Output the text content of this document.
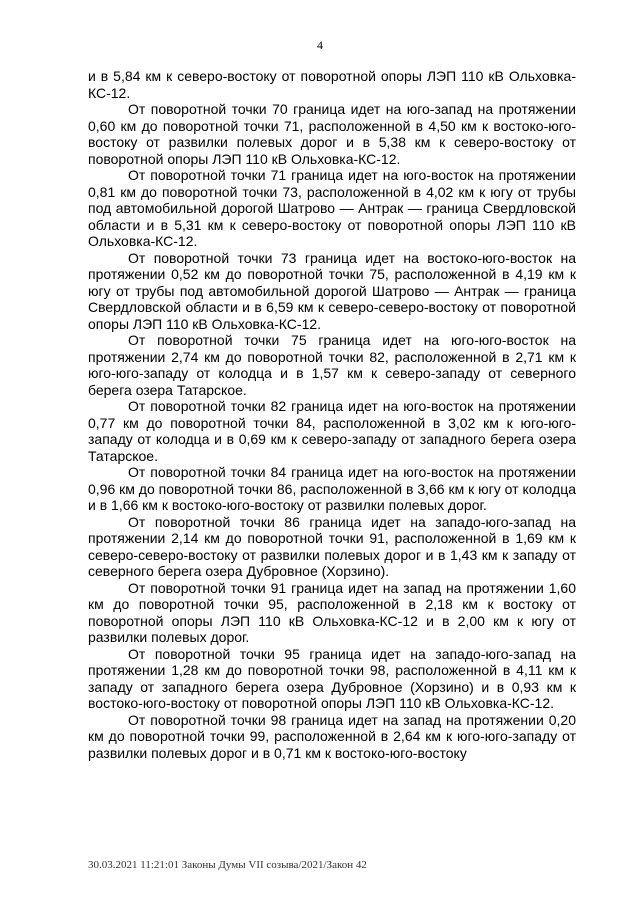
4

и в 5,84 км к северо-востоку от поворотной опоры ЛЭП 110 кВ Ольховка-КС-12.

От поворотной точки 70 граница идет на юго-запад на протяжении 0,60 км до поворотной точки 71, расположенной в 4,50 км к востоко-юго-востоку от развилки полевых дорог и в 5,38 км к северо-востоку от поворотной опоры ЛЭП 110 кВ Ольховка-КС-12.

От поворотной точки 71 граница идет на юго-восток на протяжении 0,81 км до поворотной точки 73, расположенной в 4,02 км к югу от трубы под автомобильной дорогой Шатрово — Антрак — граница Свердловской области и в 5,31 км к северо-востоку от поворотной опоры ЛЭП 110 кВ Ольховка-КС-12.

От поворотной точки 73 граница идет на востоко-юго-восток на протяжении 0,52 км до поворотной точки 75, расположенной в 4,19 км к югу от трубы под автомобильной дорогой Шатрово — Антрак — граница Свердловской области и в 6,59 км к северо-северо-востоку от поворотной опоры ЛЭП 110 кВ Ольховка-КС-12.

От поворотной точки 75 граница идет на юго-юго-восток на протяжении 2,74 км до поворотной точки 82, расположенной в 2,71 км к юго-юго-западу от колодца и в 1,57 км к северо-западу от северного берега озера Татарское.

От поворотной точки 82 граница идет на юго-восток на протяжении 0,77 км до поворотной точки 84, расположенной в 3,02 км к юго-юго-западу от колодца и в 0,69 км к северо-западу от западного берега озера Татарское.

От поворотной точки 84 граница идет на юго-восток на протяжении 0,96 км до поворотной точки 86, расположенной в 3,66 км к югу от колодца и в 1,66 км к востоко-юго-востоку от развилки полевых дорог.

От поворотной точки 86 граница идет на западо-юго-запад на протяжении 2,14 км до поворотной точки 91, расположенной в 1,69 км к северо-северо-востоку от развилки полевых дорог и в 1,43 км к западу от северного берега озера Дубровное (Хорзино).

От поворотной точки 91 граница идет на запад на протяжении 1,60 км до поворотной точки 95, расположенной в 2,18 км к востоку от поворотной опоры ЛЭП 110 кВ Ольховка-КС-12 и в 2,00 км к югу от развилки полевых дорог.

От поворотной точки 95 граница идет на западо-юго-запад на протяжении 1,28 км до поворотной точки 98, расположенной в 4,11 км к западу от западного берега озера Дубровное (Хорзино) и в 0,93 км к востоко-юго-востоку от поворотной опоры ЛЭП 110 кВ Ольховка-КС-12.

От поворотной точки 98 граница идет на запад на протяжении 0,20 км до поворотной точки 99, расположенной в 2,64 км к юго-юго-западу от развилки полевых дорог и в 0,71 км к востоко-юго-востоку

30.03.2021 11:21:01 Законы Думы VII созыва/2021/Закон 42
